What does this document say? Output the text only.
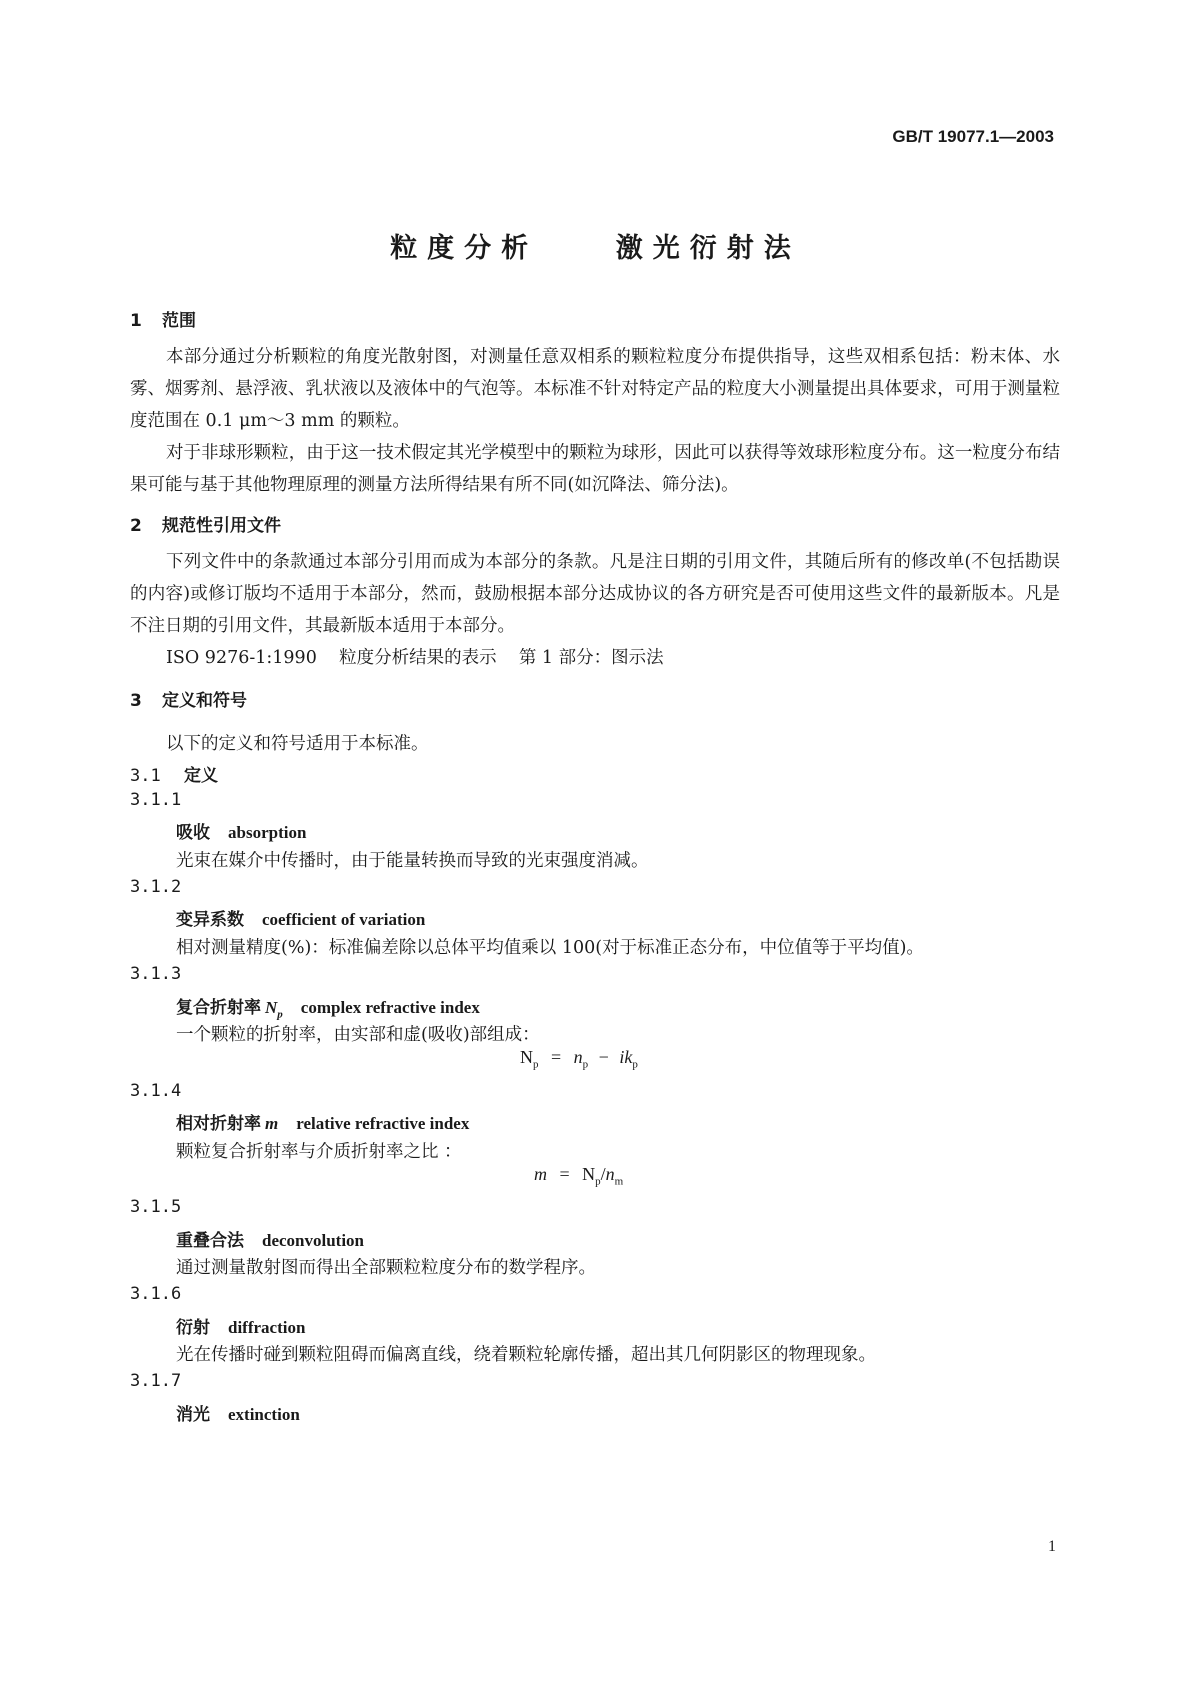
GB/T 19077.1—2003
粒度分析    激光衍射法
1 范围

本部分通过分析颗粒的角度光散射图，对测量任意双相系的颗粒粒度分布提供指导，这些双相系包括：粉末体、水雾、烟雾剂、悬浮液、乳状液以及液体中的气泡等。本标准不针对特定产品的粒度大小测量提出具体要求，可用于测量粒度范围在 0.1 μm～3 mm 的颗粒。

对于非球形颗粒，由于这一技术假定其光学模型中的颗粒为球形，因此可以获得等效球形粒度分布。这一粒度分布结果可能与基于其他物理原理的测量方法所得结果有所不同(如沉降法、筛分法)。

2 规范性引用文件

下列文件中的条款通过本部分引用而成为本部分的条款。凡是注日期的引用文件，其随后所有的修改单(不包括勘误的内容)或修订版均不适用于本部分，然而，鼓励根据本部分达成协议的各方研究是否可使用这些文件的最新版本。凡是不注日期的引用文件，其最新版本适用于本部分。

ISO 9276-1:1990    粒度分析结果的表示    第 1 部分：图示法
3 定义和符号
以下的定义和符号适用于本标准。
3.1 定义
3.1.1
吸收 absorption
光束在媒介中传播时，由于能量转换而导致的光束强度消减。
3.1.2
变异系数 coefficient of variation
相对测量精度(%)：标准偏差除以总体平均值乘以 100(对于标准正态分布，中位值等于平均值)。
3.1.3
复合折射率 $N_p$ complex refractive index
一个颗粒的折射率，由实部和虚(吸收)部组成：
$N_p = n_p - ik_p$
3.1.4
相对折射率 m relative refractive index
颗粒复合折射率与介质折射率之比 ：
$m = N_p/n_m$
3.1.5
重叠合法 deconvolution
通过测量散射图而得出全部颗粒粒度分布的数学程序。
3.1.6
衍射 diffraction
光在传播时碰到颗粒阻碍而偏离直线，绕着颗粒轮廓传播，超出其几何阴影区的物理现象。
3.1.7
消光 extinction
1
